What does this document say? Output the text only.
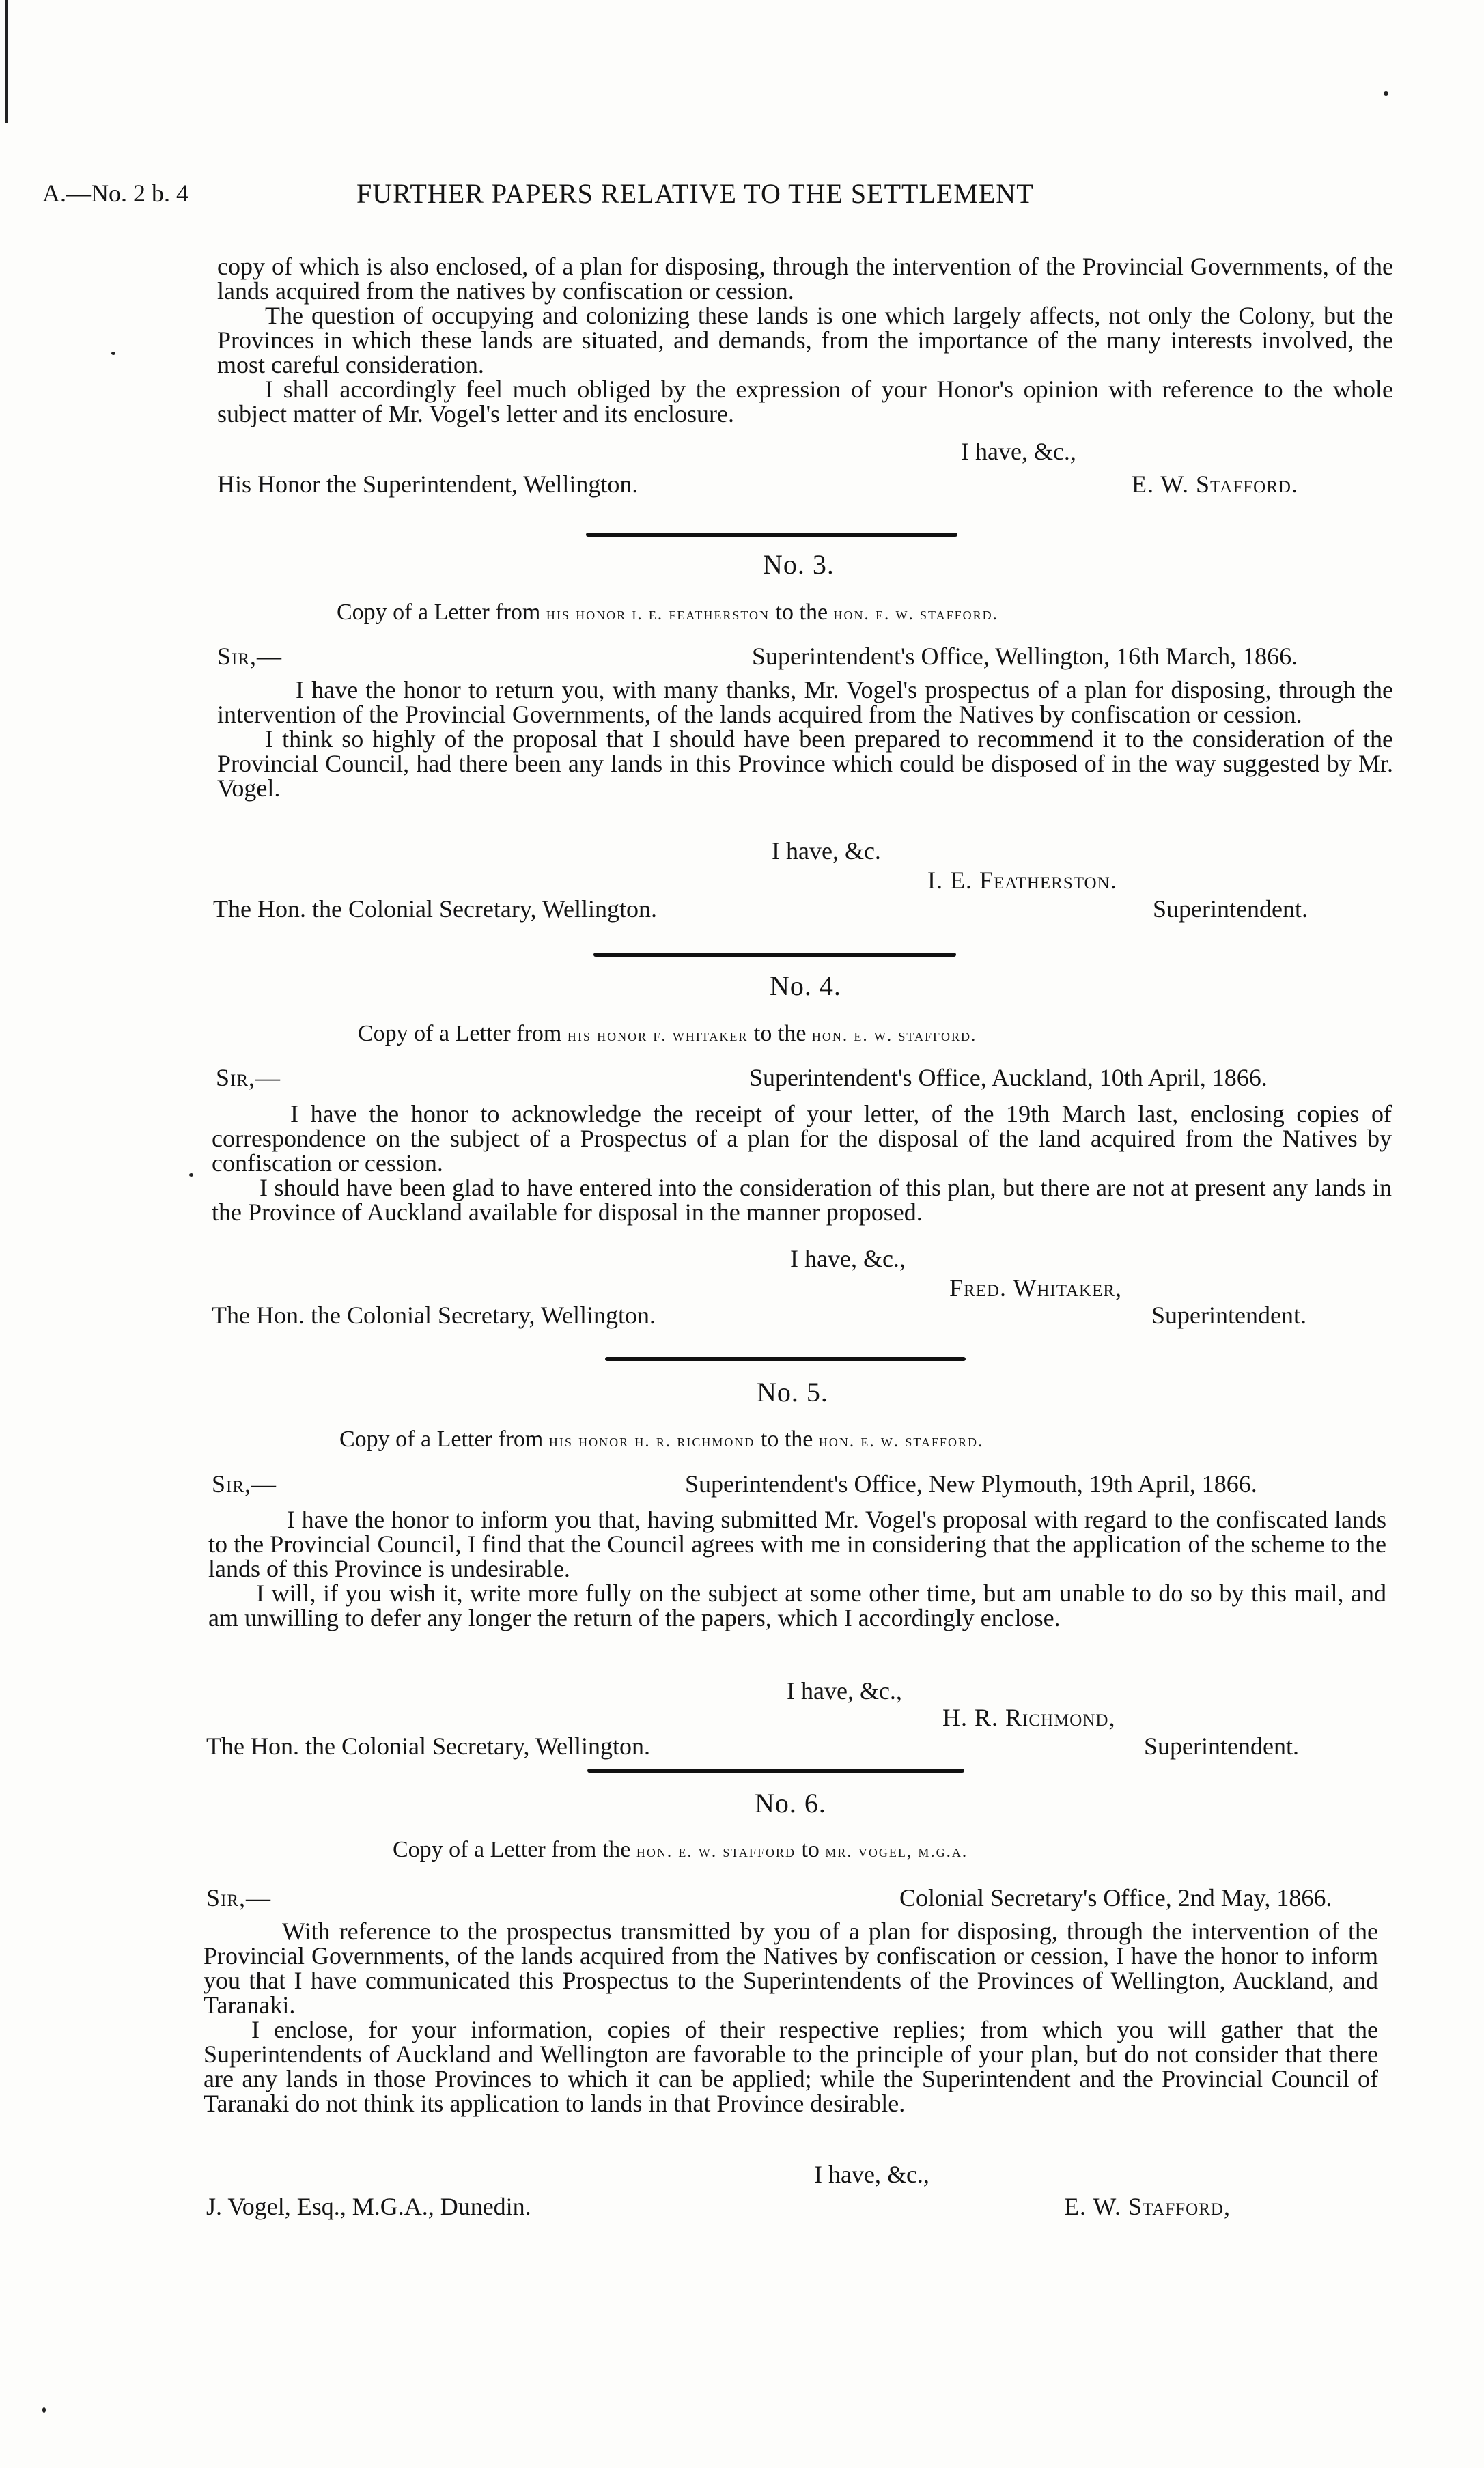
A.—No. 2 b. 4	FURTHER PAPERS RELATIVE TO THE SETTLEMENT

copy of which is also enclosed, of a plan for disposing, through the intervention of the Provincial Governments, of the lands acquired from the natives by confiscation or cession.

The question of occupying and colonizing these lands is one which largely affects, not only the Colony, but the Provinces in which these lands are situated, and demands, from the importance of the many interests involved, the most careful consideration.

I shall accordingly feel much obliged by the expression of your Honor's opinion with reference to the whole subject matter of Mr. Vogel's letter and its enclosure.

I have, &c.,
His Honor the Superintendent, Wellington.	E. W. Stafford.
No. 3.
Copy of a Letter from his honor i. e. featherston to the hon. e. w. stafford.
Sir,—	Superintendent's Office, Wellington, 16th March, 1866.

I have the honor to return you, with many thanks, Mr. Vogel's prospectus of a plan for disposing, through the intervention of the Provincial Governments, of the lands acquired from the Natives by confiscation or cession.

I think so highly of the proposal that I should have been prepared to recommend it to the consideration of the Provincial Council, had there been any lands in this Province which could be disposed of in the way suggested by Mr. Vogel.

I have, &c.
I. E. Featherston.
The Hon. the Colonial Secretary, Wellington.	Superintendent.
No. 4.
Copy of a Letter from his honor f. whitaker to the hon. e. w. stafford.
Sir,—	Superintendent's Office, Auckland, 10th April, 1866.

I have the honor to acknowledge the receipt of your letter, of the 19th March last, enclosing copies of correspondence on the subject of a Prospectus of a plan for the disposal of the land acquired from the Natives by confiscation or cession.

I should have been glad to have entered into the consideration of this plan, but there are not at present any lands in the Province of Auckland available for disposal in the manner proposed.

I have, &c.,
Fred. Whitaker,
The Hon. the Colonial Secretary, Wellington.	Superintendent.
No. 5.
Copy of a Letter from his honor h. r. richmond to the hon. e. w. stafford.
Sir,—	Superintendent's Office, New Plymouth, 19th April, 1866.

I have the honor to inform you that, having submitted Mr. Vogel's proposal with regard to the confiscated lands to the Provincial Council, I find that the Council agrees with me in considering that the application of the scheme to the lands of this Province is undesirable.

I will, if you wish it, write more fully on the subject at some other time, but am unable to do so by this mail, and am unwilling to defer any longer the return of the papers, which I accordingly enclose.

I have, &c.,
H. R. Richmond,
The Hon. the Colonial Secretary, Wellington.	Superintendent.
No. 6.
Copy of a Letter from the hon. e. w. stafford to mr. vogel, m.g.a.
Sir,—	Colonial Secretary's Office, 2nd May, 1866.

With reference to the prospectus transmitted by you of a plan for disposing, through the intervention of the Provincial Governments, of the lands acquired from the Natives by confiscation or cession, I have the honor to inform you that I have communicated this Prospectus to the Superintendents of the Provinces of Wellington, Auckland, and Taranaki.

I enclose, for your information, copies of their respective replies; from which you will gather that the Superintendents of Auckland and Wellington are favorable to the principle of your plan, but do not consider that there are any lands in those Provinces to which it can be applied; while the Superintendent and the Provincial Council of Taranaki do not think its application to lands in that Province desirable.

I have, &c.,
J. Vogel, Esq., M.G.A., Dunedin.	E. W. Stafford,
